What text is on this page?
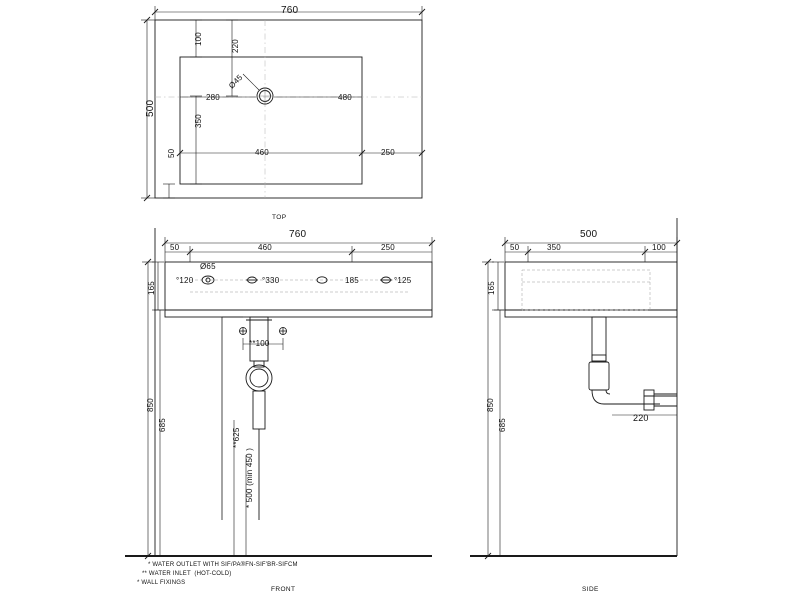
760
500
100
220
Ø45
280	480
350
50	460	250
TOP
760
50	460	250
165
°120
Ø65
°330	185	°125
**100
850
685
**625
* 500 (min 450 )
FRONT
500
50	350	100
165
850
685
220
SIDE
* WATER OUTLET WITH SIF/PA®FN-SIF'BR-SIFCM
** WATER INLET  (HOT-COLD)
* WALL FIXINGS
